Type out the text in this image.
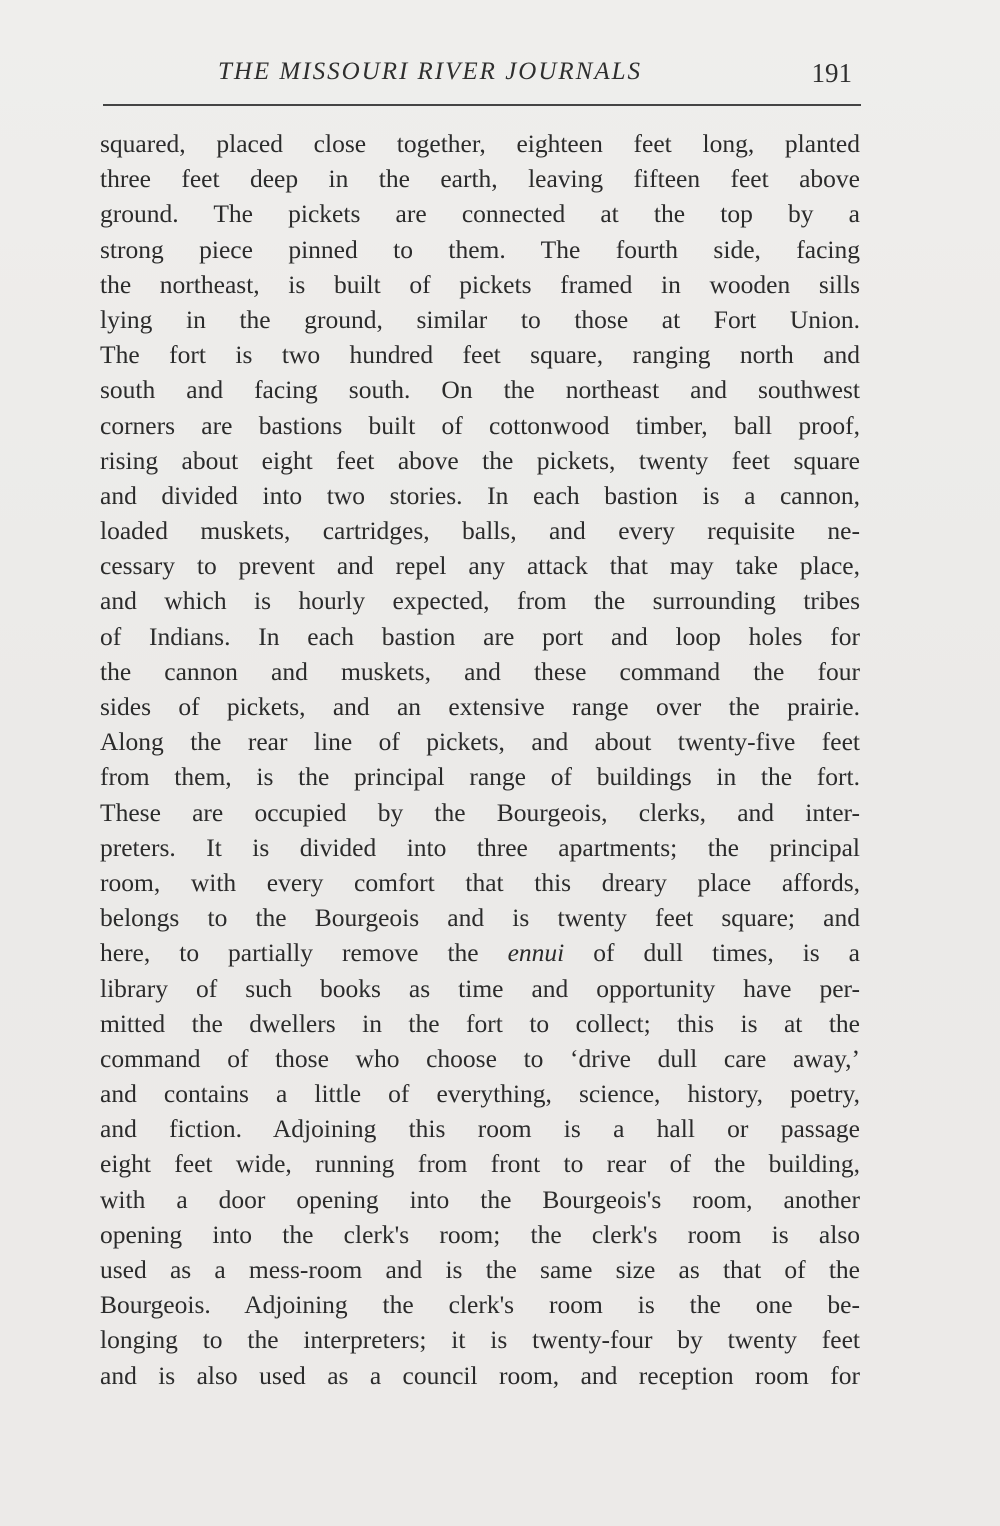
THE MISSOURI RIVER JOURNALS	191
squared, placed close together, eighteen feet long, planted
three feet deep in the earth, leaving fifteen feet above
ground. The pickets are connected at the top by a
strong piece pinned to them. The fourth side, facing
the northeast, is built of pickets framed in wooden sills
lying in the ground, similar to those at Fort Union.
The fort is two hundred feet square, ranging north and
south and facing south. On the northeast and southwest
corners are bastions built of cottonwood timber, ball proof,
rising about eight feet above the pickets, twenty feet square
and divided into two stories. In each bastion is a cannon,
loaded muskets, cartridges, balls, and every requisite ne-
cessary to prevent and repel any attack that may take place,
and which is hourly expected, from the surrounding tribes
of Indians. In each bastion are port and loop holes for
the cannon and muskets, and these command the four
sides of pickets, and an extensive range over the prairie.
Along the rear line of pickets, and about twenty-five feet
from them, is the principal range of buildings in the fort.
These are occupied by the Bourgeois, clerks, and inter-
preters. It is divided into three apartments; the principal
room, with every comfort that this dreary place affords,
belongs to the Bourgeois and is twenty feet square; and
here, to partially remove the ennui of dull times, is a
library of such books as time and opportunity have per-
mitted the dwellers in the fort to collect; this is at the
command of those who choose to ‘drive dull care away,’
and contains a little of everything, science, history, poetry,
and fiction. Adjoining this room is a hall or passage
eight feet wide, running from front to rear of the building,
with a door opening into the Bourgeois's room, another
opening into the clerk's room; the clerk's room is also
used as a mess-room and is the same size as that of the
Bourgeois. Adjoining the clerk's room is the one be-
longing to the interpreters; it is twenty-four by twenty feet
and is also used as a council room, and reception room for
